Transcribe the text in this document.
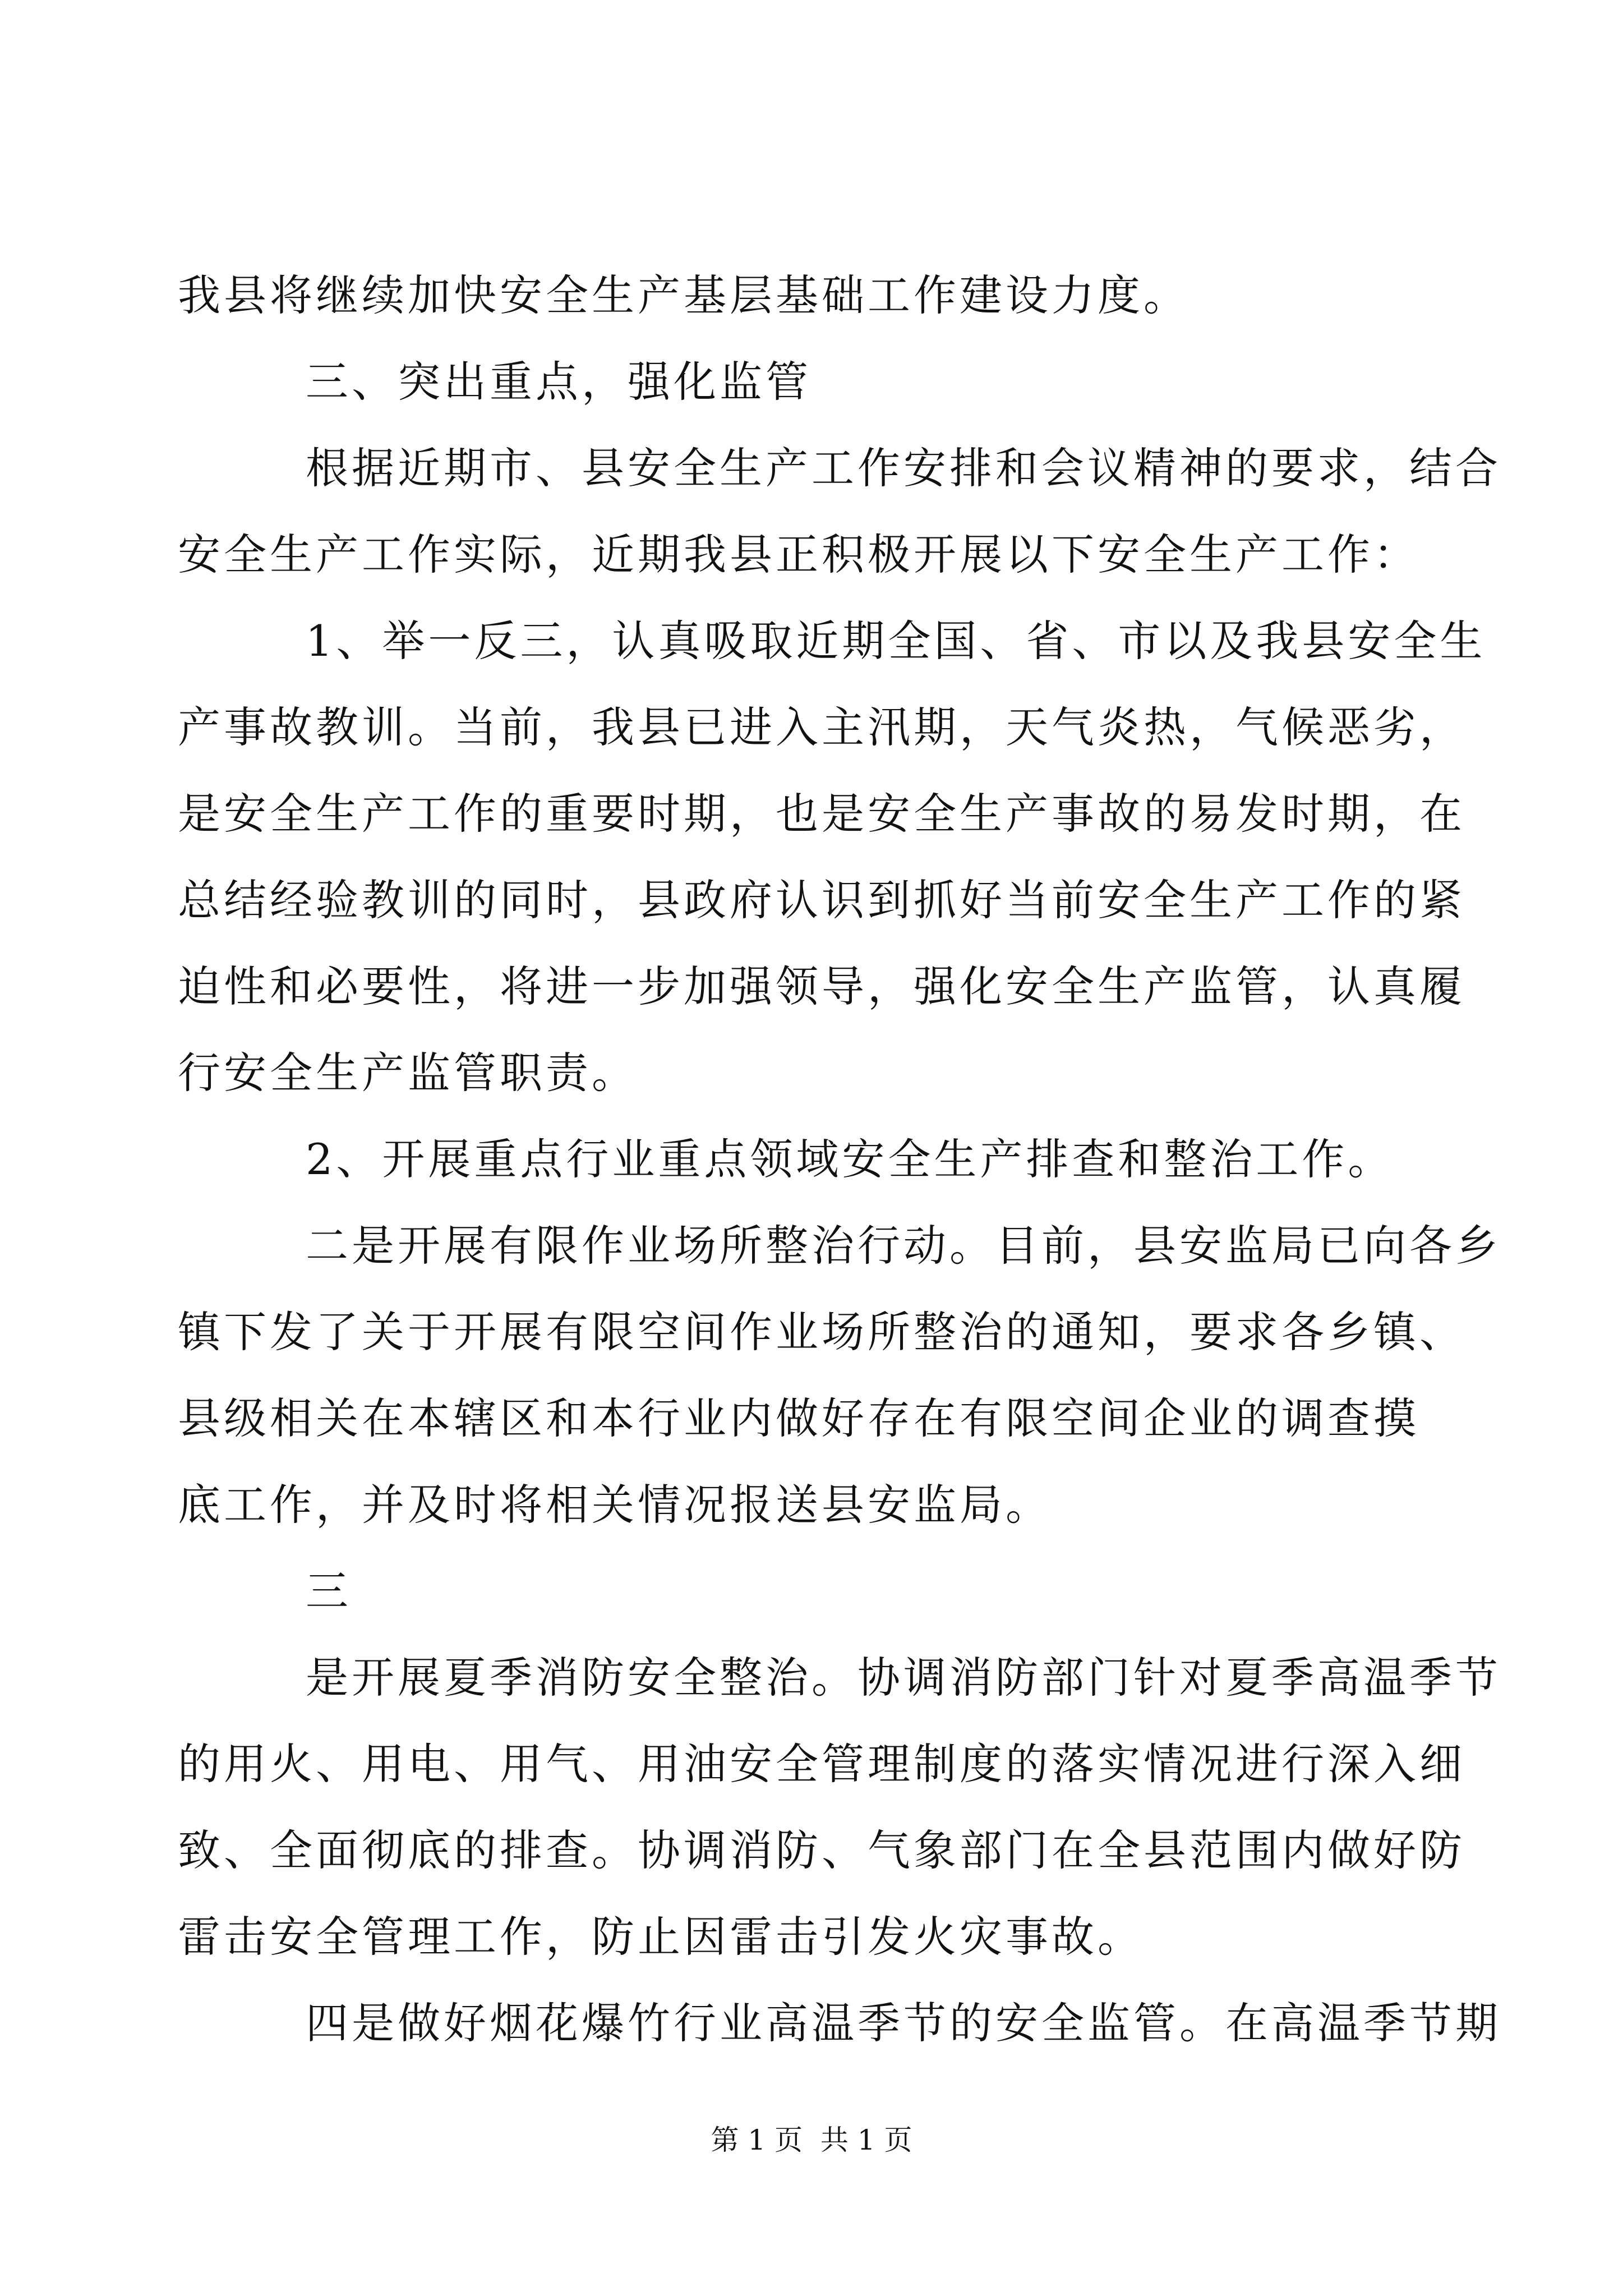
我县将继续加快安全生产基层基础工作建设力度。
三、突出重点，强化监管
根据近期市、县安全生产工作安排和会议精神的要求，结合
安全生产工作实际，近期我县正积极开展以下安全生产工作：
1、举一反三，认真吸取近期全国、省、市以及我县安全生
产事故教训。当前，我县已进入主汛期，天气炎热，气候恶劣，
是安全生产工作的重要时期，也是安全生产事故的易发时期，在
总结经验教训的同时，县政府认识到抓好当前安全生产工作的紧
迫性和必要性，将进一步加强领导，强化安全生产监管，认真履
行安全生产监管职责。
2、开展重点行业重点领域安全生产排查和整治工作。
二是开展有限作业场所整治行动。目前，县安监局已向各乡
镇下发了关于开展有限空间作业场所整治的通知，要求各乡镇、
县级相关在本辖区和本行业内做好存在有限空间企业的调查摸
底工作，并及时将相关情况报送县安监局。
三
是开展夏季消防安全整治。协调消防部门针对夏季高温季节
的用火、用电、用气、用油安全管理制度的落实情况进行深入细
致、全面彻底的排查。协调消防、气象部门在全县范围内做好防
雷击安全管理工作，防止因雷击引发火灾事故。
四是做好烟花爆竹行业高温季节的安全监管。在高温季节期
第 1 页  共 1 页
